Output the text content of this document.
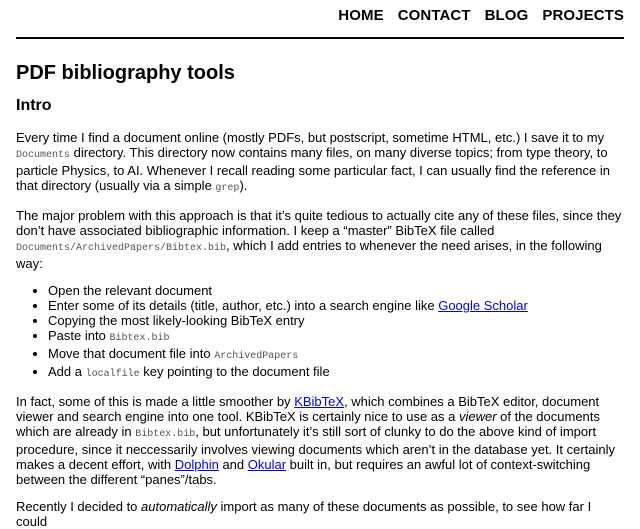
HOME CONTACT BLOG PROJECTS
PDF bibliography tools
Intro

Every time I find a document online (mostly PDFs, but postscript, sometime HTML, etc.) I save it to my Documents directory. This directory now contains many files, on many diverse topics; from type theory, to particle Physics, to AI. Whenever I recall reading some particular fact, I can usually find the reference in that directory (usually via a simple grep).

The major problem with this approach is that it’s quite tedious to actually cite any of these files, since they don’t have associated bibliographic information. I keep a “master” BibTeX file called Documents/ArchivedPapers/Bibtex.bib, which I add entries to whenever the need arises, in the following way:

• Open the relevant document
• Enter some of its details (title, author, etc.) into a search engine like Google Scholar
• Copying the most likely-looking BibTeX entry
• Paste into Bibtex.bib
• Move that document file into ArchivedPapers
• Add a localfile key pointing to the document file

In fact, some of this is made a little smoother by KBibTeX, which combines a BibTeX editor, document viewer and search engine into one tool. KBibTeX is certainly nice to use as a viewer of the documents which are already in Bibtex.bib, but unfortunately it’s still sort of clunky to do the above kind of import procedure, since it neccessarily involves viewing documents which aren’t in the database yet. It certainly makes a decent effort, with Dolphin and Okular built in, but requires an awful lot of context-switching between the different “panes”/tabs.

Recently I decided to automatically import as many of these documents as possible, to see how far I could
